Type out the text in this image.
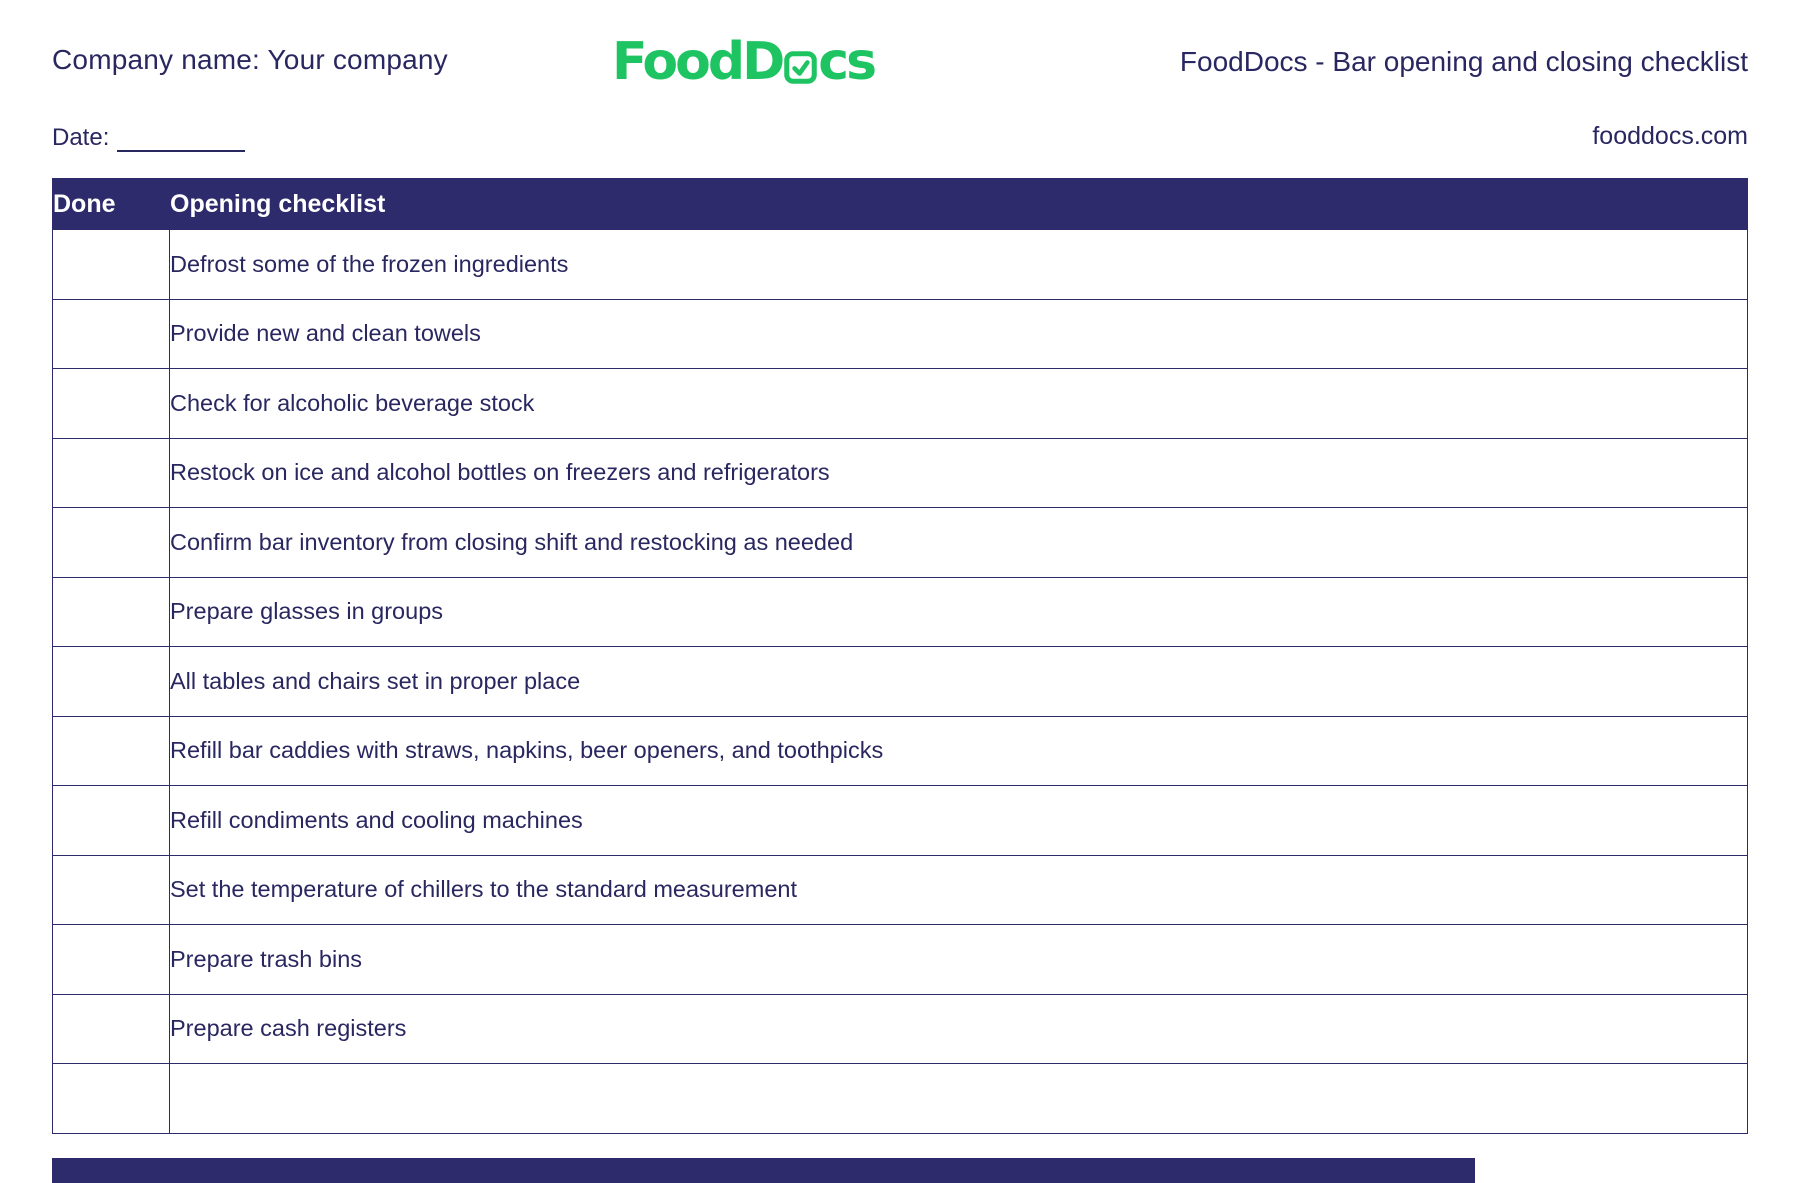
Company name: Your company	FoodD cs	FoodDocs - Bar opening and closing checklist
Date:	fooddocs.com
Done	Opening checklist
	Defrost some of the frozen ingredients
	Provide new and clean towels
	Check for alcoholic beverage stock
	Restock on ice and alcohol bottles on freezers and refrigerators
	Confirm bar inventory from closing shift and restocking as needed
	Prepare glasses in groups
	All tables and chairs set in proper place
	Refill bar caddies with straws, napkins, beer openers, and toothpicks
	Refill condiments and cooling machines
	Set the temperature of chillers to the standard measurement
	Prepare trash bins
	Prepare cash registers
